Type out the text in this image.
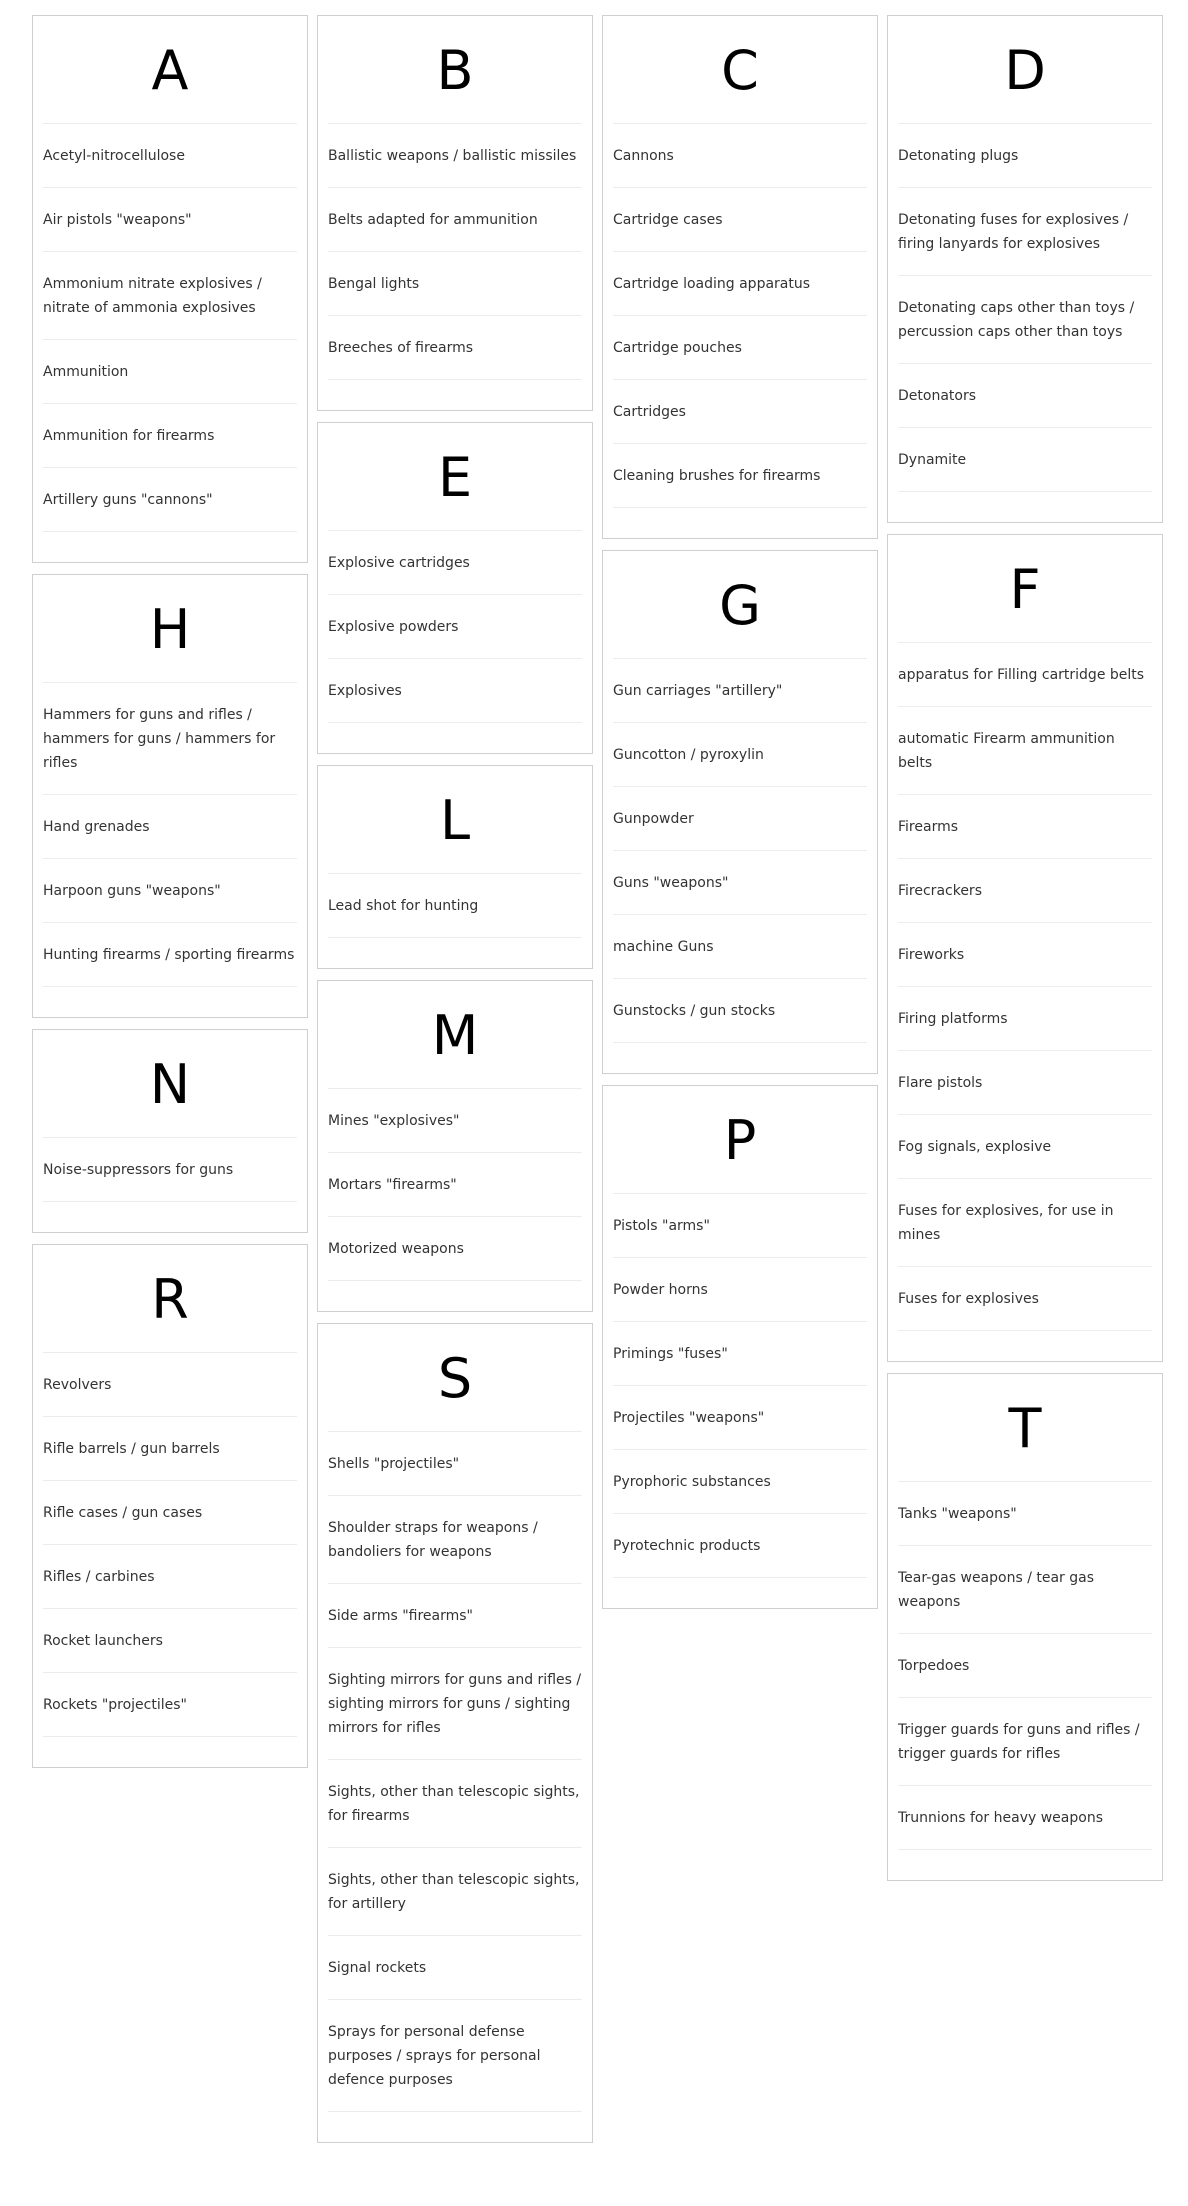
A
Acetyl-nitrocellulose
Air pistols "weapons"
Ammonium nitrate explosives / nitrate of ammonia explosives
Ammunition
Ammunition for firearms
Artillery guns "cannons"
H
Hammers for guns and rifles / hammers for guns / hammers for rifles
Hand grenades
Harpoon guns "weapons"
Hunting firearms / sporting firearms
N
Noise-suppressors for guns
R
Revolvers
Rifle barrels / gun barrels
Rifle cases / gun cases
Rifles / carbines
Rocket launchers
Rockets "projectiles"
B
Ballistic weapons / ballistic missiles
Belts adapted for ammunition
Bengal lights
Breeches of firearms
E
Explosive cartridges
Explosive powders
Explosives
L
Lead shot for hunting
M
Mines "explosives"
Mortars "firearms"
Motorized weapons
S
Shells "projectiles"
Shoulder straps for weapons / bandoliers for weapons
Side arms "firearms"
Sighting mirrors for guns and rifles / sighting mirrors for guns / sighting mirrors for rifles
Sights, other than telescopic sights, for firearms
Sights, other than telescopic sights, for artillery
Signal rockets
Sprays for personal defense purposes / sprays for personal defence purposes
C
Cannons
Cartridge cases
Cartridge loading apparatus
Cartridge pouches
Cartridges
Cleaning brushes for firearms
G
Gun carriages "artillery"
Guncotton / pyroxylin
Gunpowder
Guns "weapons"
machine Guns
Gunstocks / gun stocks
P
Pistols "arms"
Powder horns
Primings "fuses"
Projectiles "weapons"
Pyrophoric substances
Pyrotechnic products
D
Detonating plugs
Detonating fuses for explosives / firing lanyards for explosives
Detonating caps other than toys / percussion caps other than toys
Detonators
Dynamite
F
apparatus for Filling cartridge belts
automatic Firearm ammunition belts
Firearms
Firecrackers
Fireworks
Firing platforms
Flare pistols
Fog signals, explosive
Fuses for explosives, for use in mines
Fuses for explosives
T
Tanks "weapons"
Tear-gas weapons / tear gas weapons
Torpedoes
Trigger guards for guns and rifles / trigger guards for rifles
Trunnions for heavy weapons
